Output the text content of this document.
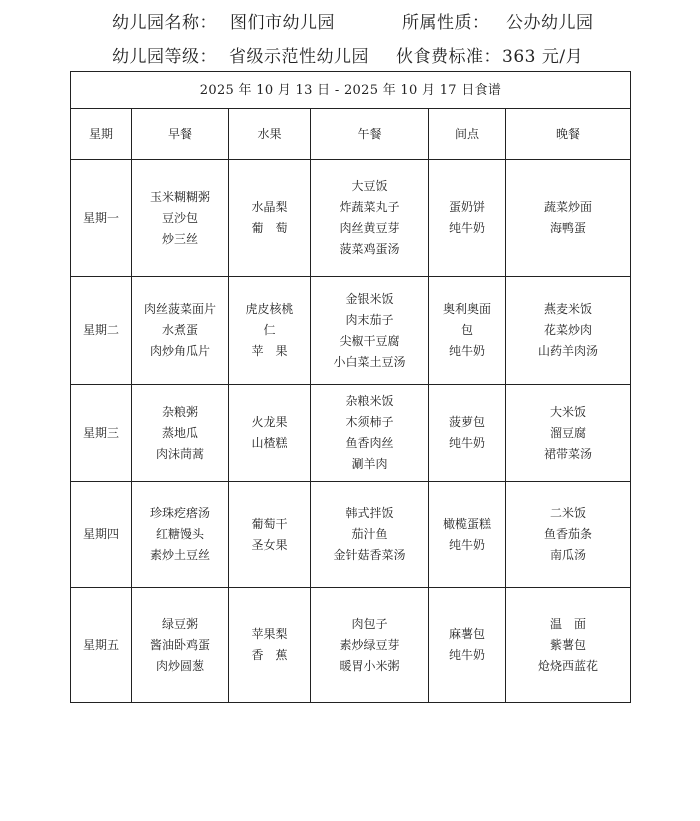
幼儿园名称： 图们市幼儿园	所属性质： 公办幼儿园
幼儿园等级： 省级示范性幼儿园 伙食费标准： 363 元/月
2025 年 10 月 13 日 - 2025 年 10 月 17 日食谱					
星期	早餐	水果	午餐	间点	晚餐
星期一	玉米糊糊粥
豆沙包
炒三丝	水晶梨
葡　萄	大豆饭
炸蔬菜丸子
肉丝黄豆芽
菠菜鸡蛋汤	蛋奶饼
纯牛奶	蔬菜炒面
海鸭蛋

星期二	肉丝菠菜面片
水煮蛋
肉炒角瓜片	虎皮核桃
仁
苹　果	金银米饭
肉末茄子
尖椒干豆腐
小白菜土豆汤	奥利奥面
包
纯牛奶	燕麦米饭
花菜炒肉
山药羊肉汤

星期三	杂粮粥
蒸地瓜
肉沫茼蒿	火龙果
山楂糕	杂粮米饭
木须柿子
鱼香肉丝
涮羊肉	菠萝包
纯牛奶	大米饭
溜豆腐
裙带菜汤

星期四	珍珠疙瘩汤
红糖馒头
素炒土豆丝	葡萄干
圣女果	韩式拌饭
茄汁鱼
金针菇香菜汤	橄榄蛋糕
纯牛奶	二米饭
鱼香茄条
南瓜汤

星期五	绿豆粥
酱油卧鸡蛋
肉炒圆葱	苹果梨
香　蕉	肉包子
素炒绿豆芽
暖胃小米粥	麻薯包
纯牛奶	温　面
紫薯包
炝烧西蓝花
